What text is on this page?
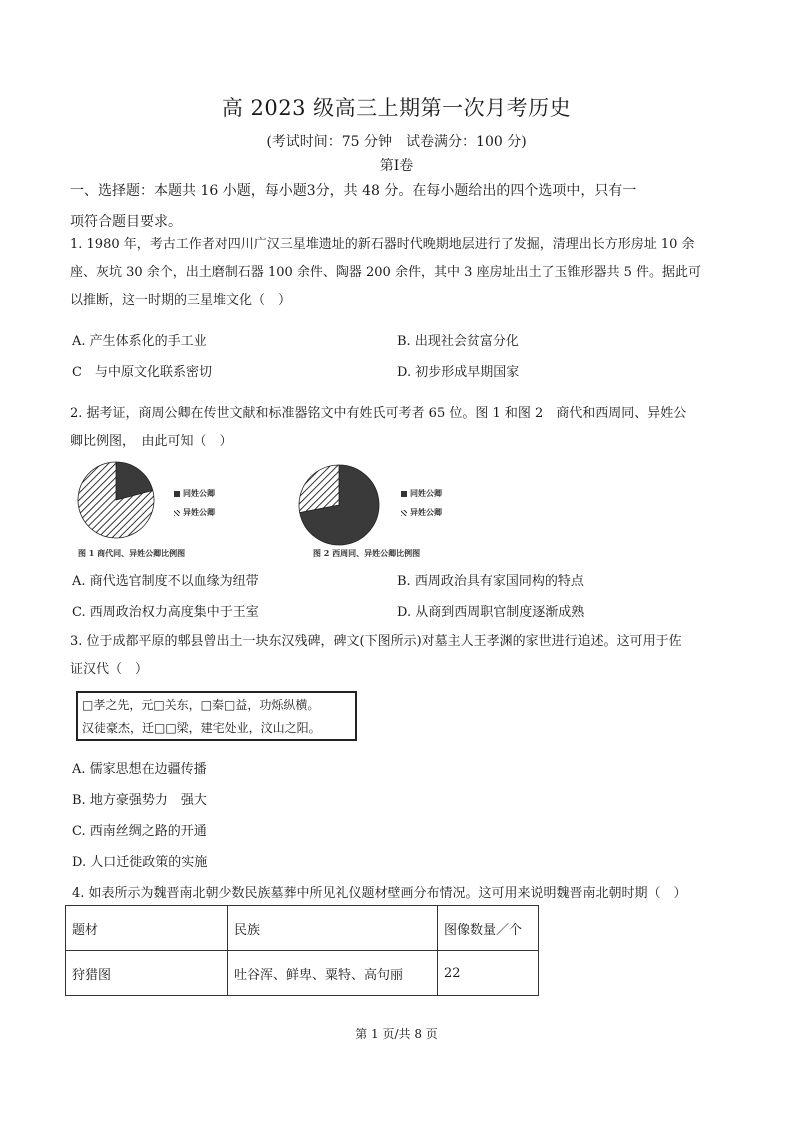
高 2023 级高三上期第一次月考历史
(考试时间：75 分钟　试卷满分：100 分)
第Ⅰ卷
一、选择题：本题共 16 小题，每小题3分，共 48 分。在每小题给出的四个选项中，只有一
项符合题目要求。
1. 1980 年，考古工作者对四川广汉三星堆遗址的新石器时代晚期地层进行了发掘，清理出长方形房址 10 余
座、灰坑 30 余个，出土磨制石器 100 余件、陶器 200 余件，其中 3 座房址出土了玉锥形器共 5 件。据此可
以推断，这一时期的三星堆文化（　）
A. 产生体系化的手工业	B. 出现社会贫富分化
C　与中原文化联系密切	D. 初步形成早期国家
2. 据考证，商周公卿在传世文献和标准器铭文中有姓氏可考者 65 位。图 1 和图 2　商代和西周同、异姓公
卿比例图，　由此可知（　）
同姓公卿
异姓公卿
图 1 商代同、异姓公卿比例图
同姓公卿
异姓公卿
图 2 西周同、异姓公卿比例图
A. 商代选官制度不以血缘为纽带	B. 西周政治具有家国同构的特点
C. 西周政治权力高度集中于王室	D. 从商到西周职官制度逐渐成熟
3. 位于成都平原的郫县曾出土一块东汉残碑，碑文(下图所示)对墓主人王孝渊的家世进行追述。这可用于佐
证汉代（　）
□孝之先，元□关东，□秦□益，功烁纵横。
汉徒豪杰，迁□□梁，建宅处业，汶山之阳。
A. 儒家思想在边疆传播
B. 地方豪强势力　强大
C. 西南丝绸之路的开通
D. 人口迁徙政策的实施
4. 如表所示为魏晋南北朝少数民族墓葬中所见礼仪题材壁画分布情况。这可用来说明魏晋南北朝时期（　）
题材	民族	图像数量／个
狩猎图	吐谷浑、鲜卑、粟特、高句丽	22
第 1 页/共 8 页
